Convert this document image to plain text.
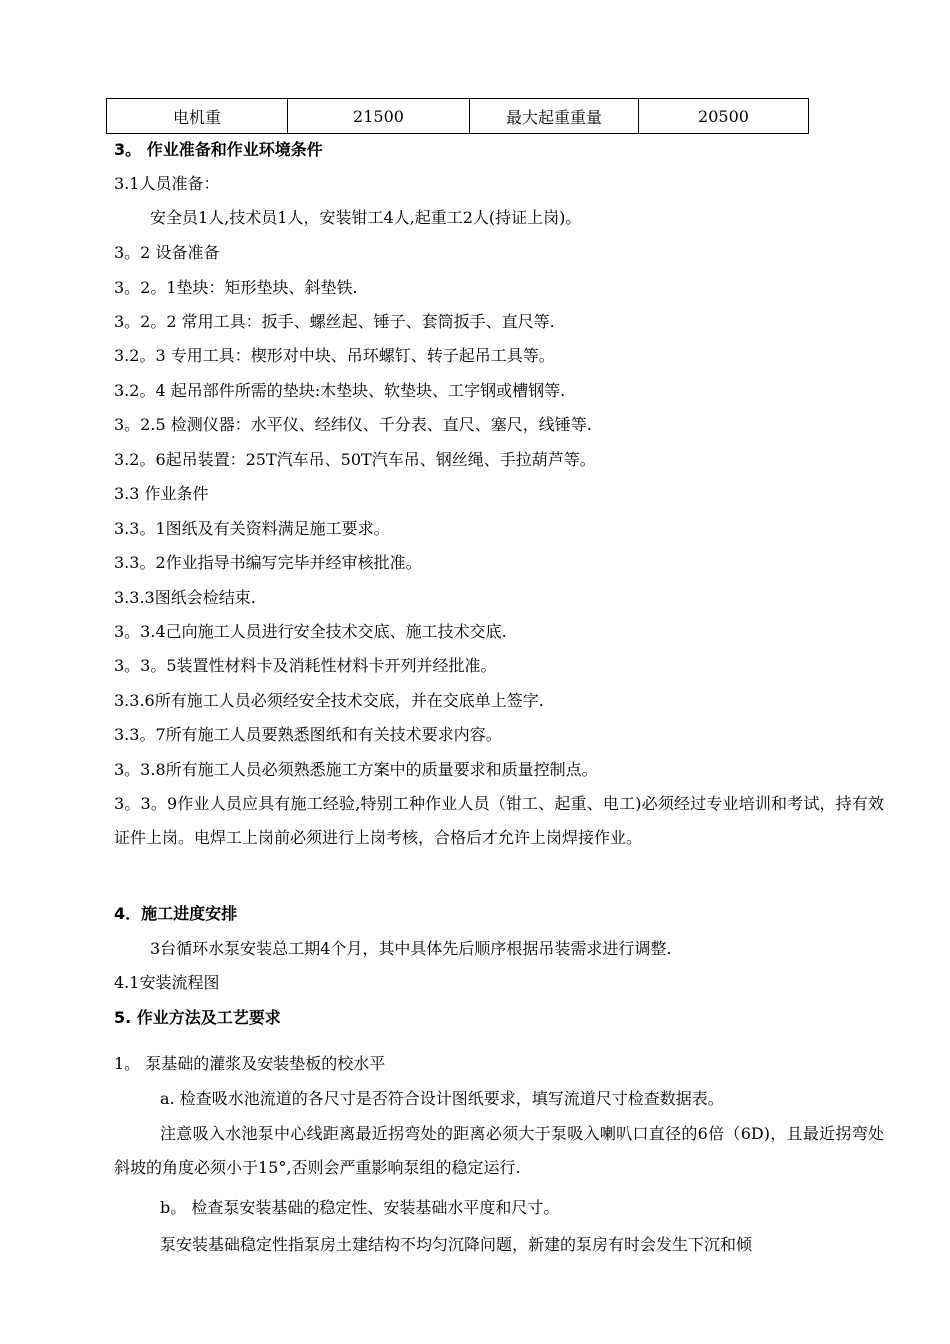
电机重	21500	最大起重重量	20500
3。 作业准备和作业环境条件
3.1人员准备：
安全员1人,技术员1人，安装钳工4人,起重工2人(持证上岗)。
3。2 设备准备
3。2。1垫块：矩形垫块、斜垫铁.
3。2。2 常用工具：扳手、螺丝起、锤子、套筒扳手、直尺等.
3.2。3 专用工具：楔形对中块、吊环螺钉、转子起吊工具等。
3.2。4 起吊部件所需的垫块:木垫块、软垫块、工字钢或槽钢等.
3。2.5 检测仪器：水平仪、经纬仪、千分表、直尺、塞尺，线锤等.
3.2。6起吊装置：25T汽车吊、50T汽车吊、钢丝绳、手拉葫芦等。
3.3 作业条件
3.3。1图纸及有关资料满足施工要求。
3.3。2作业指导书编写完毕并经审核批准。
3.3.3图纸会检结束.
3。3.4己向施工人员进行安全技术交底、施工技术交底.
3。3。5装置性材料卡及消耗性材料卡开列并经批准。
3.3.6所有施工人员必须经安全技术交底，并在交底单上签字.
3.3。7所有施工人员要熟悉图纸和有关技术要求内容。
3。3.8所有施工人员必须熟悉施工方案中的质量要求和质量控制点。
3。3。9作业人员应具有施工经验,特别工种作业人员（钳工、起重、电工)必须经过专业培训和考试，持有效证件上岗。电焊工上岗前必须进行上岗考核，合格后才允许上岗焊接作业。
4．施工进度安排
3台循环水泵安装总工期4个月，其中具体先后顺序根据吊装需求进行调整.
4.1安装流程图
5. 作业方法及工艺要求
1。 泵基础的灌浆及安装垫板的校水平
a. 检查吸水池流道的各尺寸是否符合设计图纸要求，填写流道尺寸检查数据表。
注意吸入水池泵中心线距离最近拐弯处的距离必须大于泵吸入喇叭口直径的6倍（6D)，且最近拐弯处斜坡的角度必须小于15°,否则会严重影响泵组的稳定运行.
b。 检查泵安装基础的稳定性、安装基础水平度和尺寸。
泵安装基础稳定性指泵房土建结构不均匀沉降问题，新建的泵房有时会发生下沉和倾
